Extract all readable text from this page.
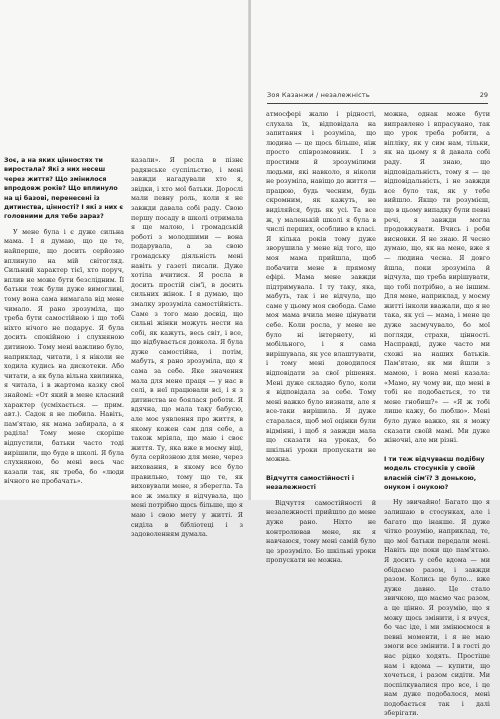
Зоє, а на яких цінностях ти виростала? Які з них несеш через життя? Що змінилося впродовж років? Що вплинуло на ці базові, перенесені із дитинства, цінності? І які з них є головними для тебе зараз?

У мене була і є дуже сильна мама. І я думаю, що це те, найперше, що досить серйозно вплинуло на мій світогляд. Сильний характер тієї, хто поруч, вплив не може бути безслідним. Її батьки теж були дуже вимогливі, тому вона сама вимагала від мене чимало. Я рано зрозуміла, що треба бути самостійною і що тобі ніхто нічого не подарує. Я була досить спокійною і слухняною дитиною. Тому мені важливо було, наприклад, читати, і я ніколи не ходила кудись на дискотеки. Або читати, а як була вільна хвилинка, я читала, і в жартома казку свої знайомі: «От який в мене класний характер (усміхається. — прим. авт.). Садок я не любила. Навіть, пам'ятаю, як мама забирала, а я раділа! Тому мене скоріше відпустили, батьки часто тоді вирішили, що буде в школі. Я була слухняною, бо мені весь час казали так, як треба, бо «люди вічного не пробачать».

казали». Я росла в пізнє радянське суспільство, і мені завжди нагадували хто я, звідки, і хто мої батьки. Дорослі мали певну роль, коли я не завжди давала собі раду. Свою першу посаду в школі отримала я ще малою, і громадській роботі з молодшими — вона подарувала, а за свою громадську діяльність мені навіть у газеті писали. Дуже хотіла вчитися. Я росла в досить простій сім'ї, в досить сильних жінок. І я думаю, що змалку зрозуміла самостійність. Саме з того маю досвід, що сильні жінки можуть нести на собі, як кажуть, весь світ, і все, що відбувається довкола. Я була дуже самостійна, і потім, мабуть, я рано зрозуміла, що я сама за себе. Яке значення мала для мене праця — у нас в селі, в неї працювали всі, і я з дитинства не боялася роботи. Я вдячна, що мала таку бабусю, але моє уявлення про життя, в якому кожен сам для себе, а також мріяла, що маю і своє життя. Ту, яка вже в моєму віці, була серйозною для мене, через виховання, в якому все було правильно, тому що те, як виховували мене, я зберегла. Та все ж змалку я відчувала, що мені потрібно щось більше, що я маю і свою мету у житті. Я сиділа в бібліотеці і з задоволенням думала.

Зоя Казанжи / незалежність	29

атмосфері жалю і рідності, слухала їх, відповідала на запитання і розуміла, що людина — це щось більше, ніж просто співрозмовник. І з простими й зрозумілими людьми, які навколо, я ніколи не розуміла, навіщо до життя — працюю, будь чесним, будь скромним, як кажуть, не виділяйся, будь як усі. Та все ж, у маленькій школі я була в числі перших, особливо в класі. Я кілька років тому дуже зворушила у мене від того, що моя мама прийшла, щоб побачити мене в прямому ефірі. Мама мене завжди підтримувала. І ту таку, яка, мабуть, так і не відчула, що саме у цьому моя свобода. Саме моя мама вчила мене цінувати себе. Коли росла, у мене не було ні інтернету, ні мобільного, і я сама вирішувала, як усе влаштувати, і тому мені доводилося відповідати за свої рішення. Мені дуже складно було, коли я відповідала за себе. Тому мені важко було визнати, але я все-таки вирішила. Я дуже старалася, щоб мої оцінки були відмінні, і щоб я завжди мала що сказати на уроках, бо шкільні уроки пропускати не можна.

Відчуття самостійності і незалежності

Відчуття самостійності й незалежності прийшло до мене дуже рано. Ніхто не контролював мене, як я навчаюся, тому мені самій було це зрозуміло. Бо шкільні уроки пропускати не можна.

можна, однак може бути виправлено і впрасувано, так що урок треба робити, а віпліку, як у сим нам, тільки, як на цьому я й давала собі раду. Я знаю, що відповідальність, тому я — це відповідальність, і не завжди все було так, як у тебе вийшло. Якщо ти розумієш, що в цьому випадку були певні речі, я завжди могла продовжувати. Вчись і роби висновки. Я не знаю. Я чесно думаю, що, як на мене, вже я — людина чесна. Я довго йшла, поки зрозуміла й відчула, що треба вирішувати, що тобі потрібно, а не іншим. Для мене, наприклад, у моєму житті інколи вважали, що я не така, як усі — мама, і мене це дуже засмучувало, бо мої погляди, страхи, цінності. Насправді, дуже часто ми схожі на наших батьків. Пам'ятаю, як ми йшли з мамою, і вона мені казала: «Мамо, ну чому ви, що мені в тобі не подобається, то ти мене гнобиш?» — «Я ж тобі лише кажу, бо люблю». Мені було дуже важко, як я можу сказати своїй мамі. Ми дуже жіночні, але ми різні.

І ти теж відчуваєш подібну модель стосунків у своїй власній сім'ї? З донькою, онуком і онукою?

Ну звичайно! Багато що я залишаю в стосунках, але і багато що інакше. Я дуже чітко розумію, наприклад, те, що мої батьки передали мені. Навіть ще поки що пам'ятаю. Я досить у себе вдома — ми обідаємо разом, і завжди разом. Колись це було... вже дуже давно. Це стало звичкою, що маємо час разом, а це цінно. Я розумію, що я можу щось змінити, і я вчуся, бо час іде, і ми змінюємося в певні моменти, і я не маю змоги все змінити. І в гості до нас рідко ходять. Простіше нам і вдома — купити, що хочеться, і разом сидіти. Ми поспілкувалися про все, і це нам дуже подобалося, мені подобається так і далі зберігати.
